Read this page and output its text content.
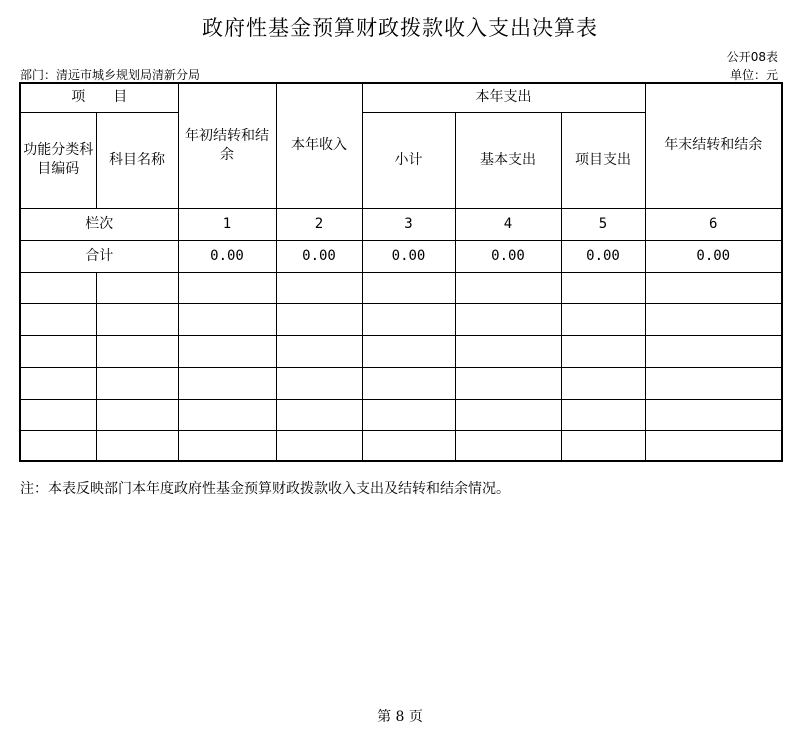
政府性基金预算财政拨款收入支出决算表
公开08表
部门：清远市城乡规划局清新分局	单位：元
项　　目		年初结转和结余	本年收入	本年支出			年末结转和结余
功能分类科目编码	科目名称			小计	基本支出	项目支出	
栏次		1	2	3	4	5	6
合计		0.00	0.00	0.00	0.00	0.00	0.00

注：本表反映部门本年度政府性基金预算财政拨款收入支出及结转和结余情况。
第 8 页
